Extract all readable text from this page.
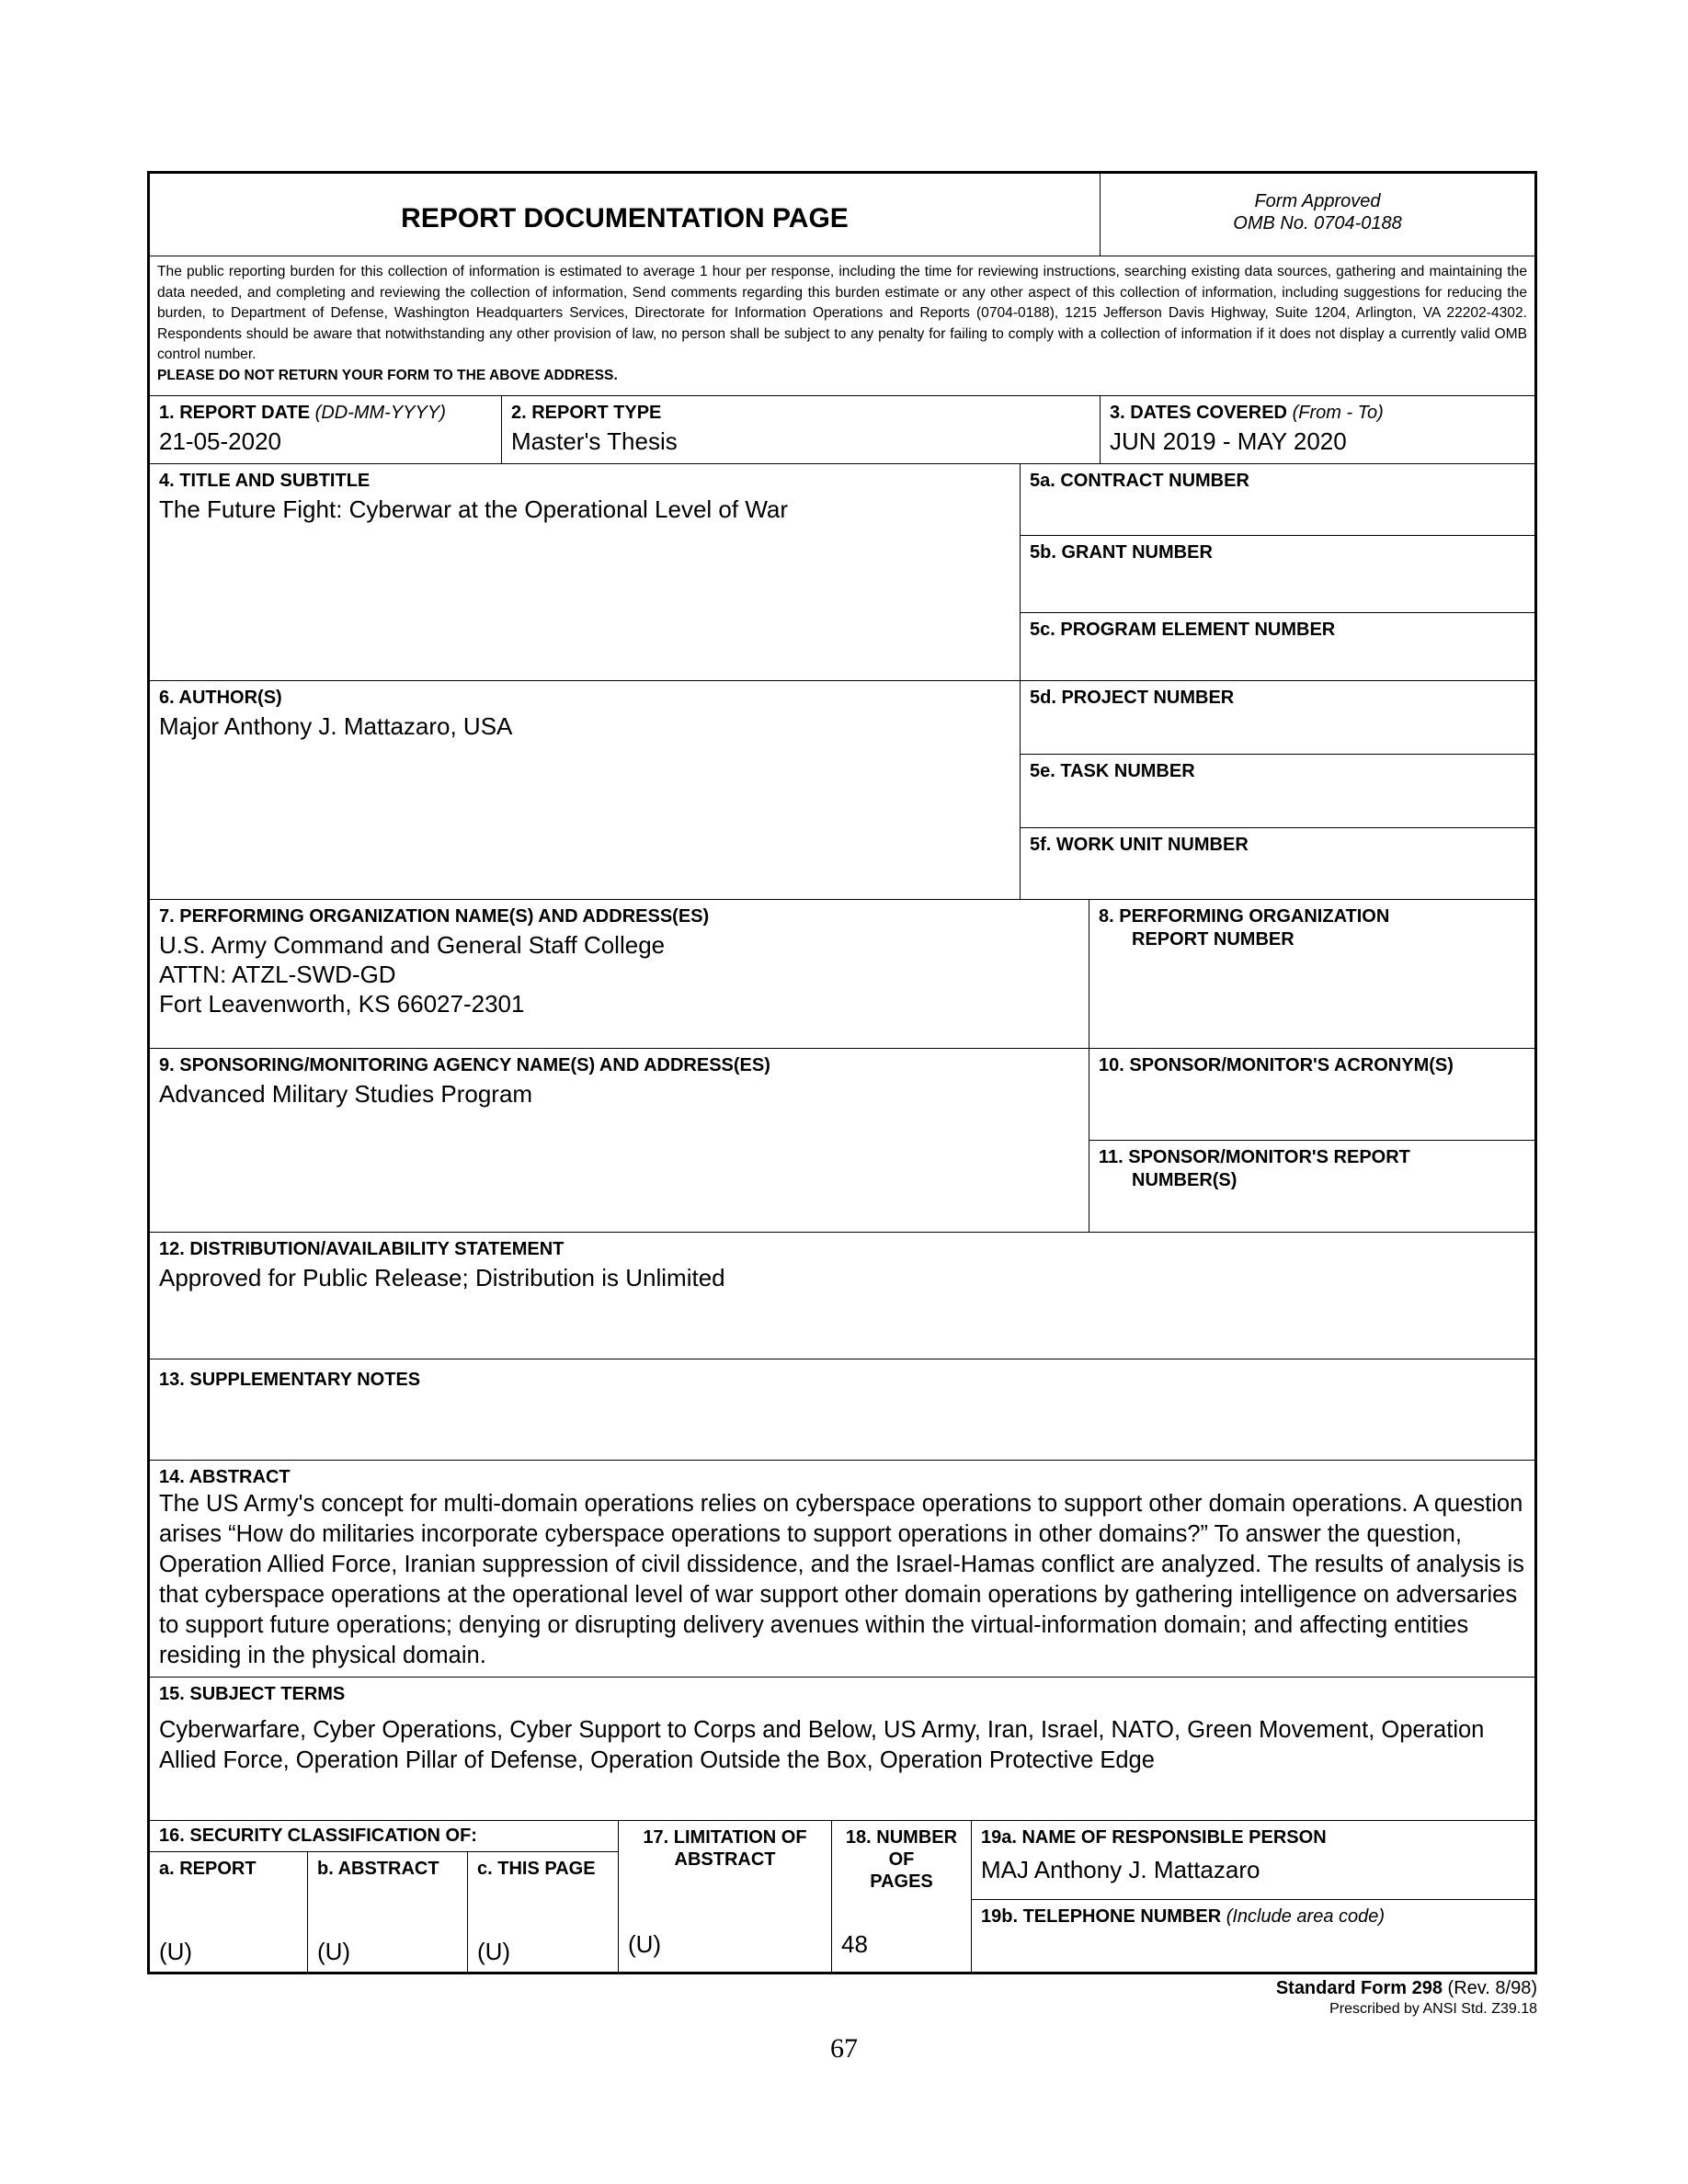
REPORT DOCUMENTATION PAGE
Form Approved
OMB No. 0704-0188
The public reporting burden for this collection of information is estimated to average 1 hour per response, including the time for reviewing instructions, searching existing data sources, gathering and maintaining the data needed, and completing and reviewing the collection of information, Send comments regarding this burden estimate or any other aspect of this collection of information, including suggestions for reducing the burden, to Department of Defense, Washington Headquarters Services, Directorate for Information Operations and Reports (0704-0188), 1215 Jefferson Davis Highway, Suite 1204, Arlington, VA 22202-4302. Respondents should be aware that notwithstanding any other provision of law, no person shall be subject to any penalty for failing to comply with a collection of information if it does not display a currently valid OMB control number.
PLEASE DO NOT RETURN YOUR FORM TO THE ABOVE ADDRESS.
1. REPORT DATE (DD-MM-YYYY)
21-05-2020
2. REPORT TYPE
Master's Thesis
3. DATES COVERED (From - To)
JUN 2019 - MAY 2020
4. TITLE AND SUBTITLE
The Future Fight: Cyberwar at the Operational Level of War
5a. CONTRACT NUMBER
5b. GRANT NUMBER
5c. PROGRAM ELEMENT NUMBER
6. AUTHOR(S)
Major Anthony J. Mattazaro, USA
5d. PROJECT NUMBER
5e. TASK NUMBER
5f. WORK UNIT NUMBER
7. PERFORMING ORGANIZATION NAME(S) AND ADDRESS(ES)
U.S. Army Command and General Staff College
ATTN: ATZL-SWD-GD
Fort Leavenworth, KS 66027-2301
8. PERFORMING ORGANIZATION

REPORT NUMBER
9. SPONSORING/MONITORING AGENCY NAME(S) AND ADDRESS(ES)
Advanced Military Studies Program
10. SPONSOR/MONITOR'S ACRONYM(S)
11. SPONSOR/MONITOR'S REPORT

NUMBER(S)
12. DISTRIBUTION/AVAILABILITY STATEMENT
Approved for Public Release; Distribution is Unlimited
13. SUPPLEMENTARY NOTES
14. ABSTRACT
The US Army's concept for multi-domain operations relies on cyberspace operations to support other domain operations. A question arises “How do militaries incorporate cyberspace operations to support operations in other domains?” To answer the question, Operation Allied Force, Iranian suppression of civil dissidence, and the Israel-Hamas conflict are analyzed. The results of analysis is that cyberspace operations at the operational level of war support other domain operations by gathering intelligence on adversaries to support future operations; denying or disrupting delivery avenues within the virtual-information domain; and affecting entities residing in the physical domain.
15. SUBJECT TERMS
Cyberwarfare, Cyber Operations, Cyber Support to Corps and Below, US Army, Iran, Israel, NATO, Green Movement, Operation Allied Force, Operation Pillar of Defense, Operation Outside the Box, Operation Protective Edge
16. SECURITY CLASSIFICATION OF:
a. REPORT	b. ABSTRACT	c. THIS PAGE
(U)	(U)	(U)
17. LIMITATION OF
ABSTRACT
(U)
18. NUMBER
OF
PAGES
48
19a. NAME OF RESPONSIBLE PERSON
MAJ Anthony J. Mattazaro
19b. TELEPHONE NUMBER (Include area code)
Standard Form 298 (Rev. 8/98)
Prescribed by ANSI Std. Z39.18
67
